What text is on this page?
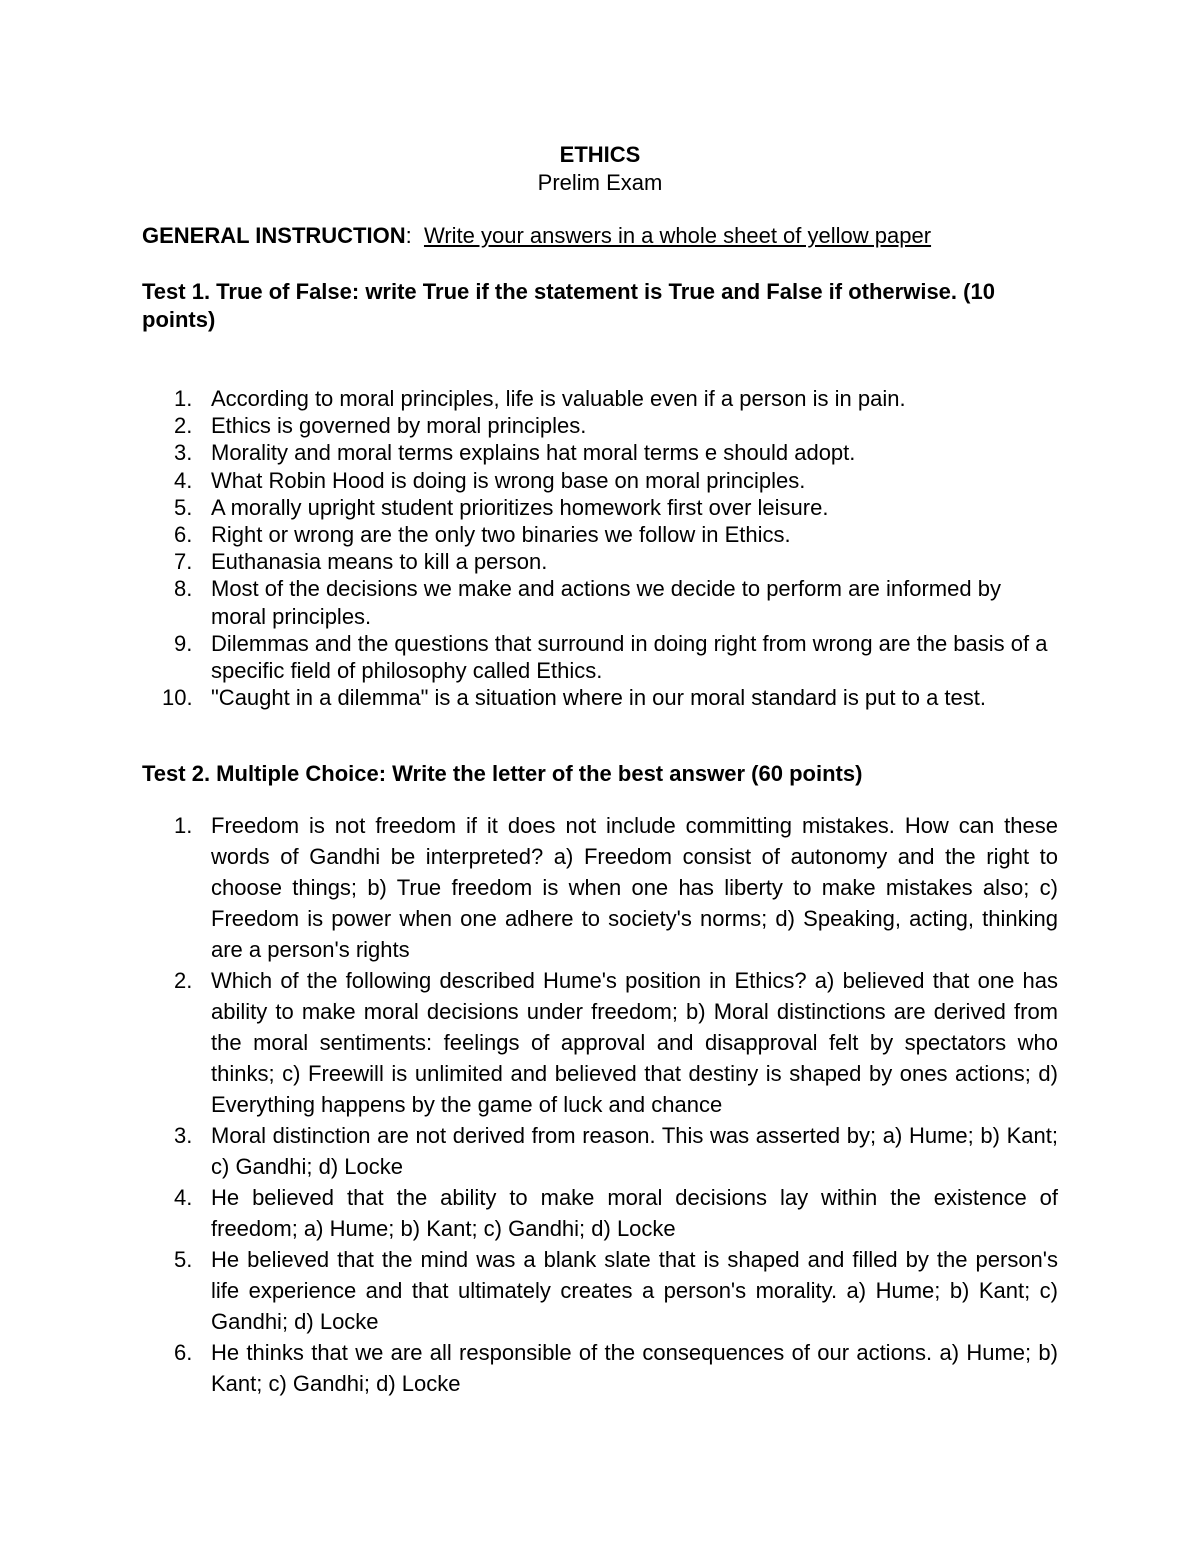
ETHICS
Prelim Exam
GENERAL INSTRUCTION: Write your answers in a whole sheet of yellow paper
Test 1. True of False: write True if the statement is True and False if otherwise. (10 points)
1. According to moral principles, life is valuable even if a person is in pain.
2. Ethics is governed by moral principles.
3. Morality and moral terms explains hat moral terms e should adopt.
4. What Robin Hood is doing is wrong base on moral principles.
5. A morally upright student prioritizes homework first over leisure.
6. Right or wrong are the only two binaries we follow in Ethics.
7. Euthanasia means to kill a person.
8. Most of the decisions we make and actions we decide to perform are informed by moral principles.
9. Dilemmas and the questions that surround in doing right from wrong are the basis of a specific field of philosophy called Ethics.
10. "Caught in a dilemma" is a situation where in our moral standard is put to a test.
Test 2. Multiple Choice: Write the letter of the best answer (60 points)
1. Freedom is not freedom if it does not include committing mistakes. How can these words of Gandhi be interpreted? a) Freedom consist of autonomy and the right to choose things; b) True freedom is when one has liberty to make mistakes also; c) Freedom is power when one adhere to society's norms; d) Speaking, acting, thinking are a person's rights
2. Which of the following described Hume's position in Ethics? a) believed that one has ability to make moral decisions under freedom; b) Moral distinctions are derived from the moral sentiments: feelings of approval and disapproval felt by spectators who thinks; c) Freewill is unlimited and believed that destiny is shaped by ones actions; d) Everything happens by the game of luck and chance
3. Moral distinction are not derived from reason. This was asserted by; a) Hume; b) Kant; c) Gandhi; d) Locke
4. He believed that the ability to make moral decisions lay within the existence of freedom; a) Hume; b) Kant; c) Gandhi; d) Locke
5. He believed that the mind was a blank slate that is shaped and filled by the person's life experience and that ultimately creates a person's morality. a) Hume; b) Kant; c) Gandhi; d) Locke
6. He thinks that we are all responsible of the consequences of our actions. a) Hume; b) Kant; c) Gandhi; d) Locke
